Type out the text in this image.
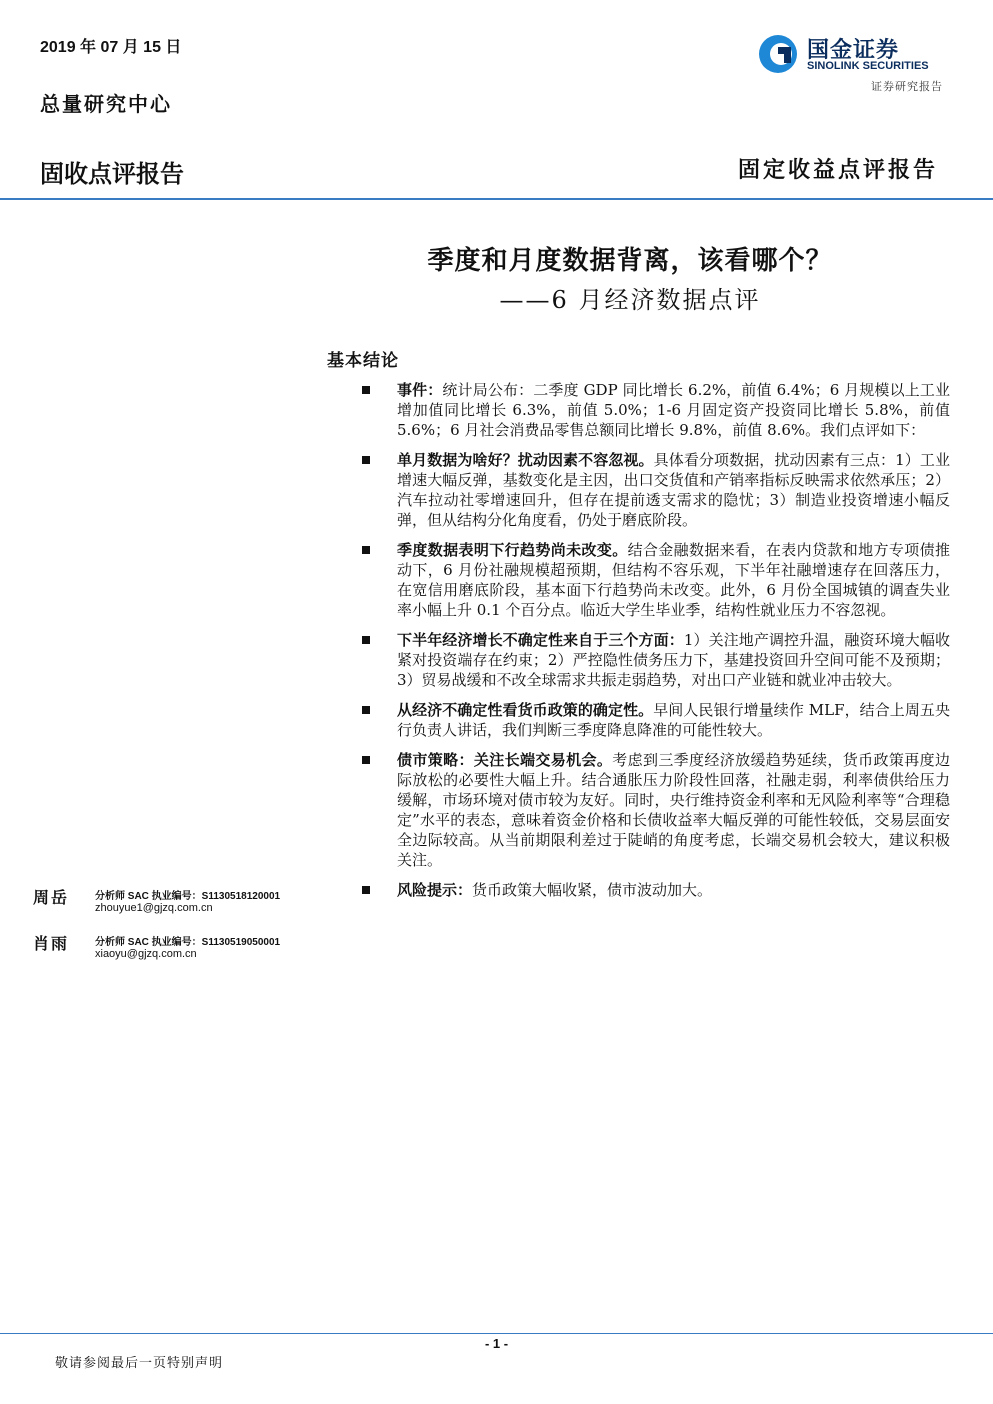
2019 年 07 月 15 日
总量研究中心
固收点评报告	固定收益点评报告
国金证券
SINOLINK SECURITIES
证券研究报告
季度和月度数据背离，该看哪个？
——6 月经济数据点评
基本结论
事件：统计局公布：二季度 GDP 同比增长 6.2%，前值 6.4%；6 月规模以上工业增加值同比增长 6.3%，前值 5.0%；1-6 月固定资产投资同比增长 5.8%，前值 5.6%；6 月社会消费品零售总额同比增长 9.8%，前值 8.6%。我们点评如下：
单月数据为啥好？扰动因素不容忽视。具体看分项数据，扰动因素有三点：1）工业增速大幅反弹，基数变化是主因，出口交货值和产销率指标反映需求依然承压；2）汽车拉动社零增速回升，但存在提前透支需求的隐忧；3）制造业投资增速小幅反弹，但从结构分化角度看，仍处于磨底阶段。
季度数据表明下行趋势尚未改变。结合金融数据来看，在表内贷款和地方专项债推动下，6 月份社融规模超预期，但结构不容乐观，下半年社融增速存在回落压力，在宽信用磨底阶段，基本面下行趋势尚未改变。此外，6 月份全国城镇的调查失业率小幅上升 0.1 个百分点。临近大学生毕业季，结构性就业压力不容忽视。
下半年经济增长不确定性来自于三个方面：1）关注地产调控升温，融资环境大幅收紧对投资端存在约束；2）严控隐性债务压力下，基建投资回升空间可能不及预期；3）贸易战缓和不改全球需求共振走弱趋势，对出口产业链和就业冲击较大。
从经济不确定性看货币政策的确定性。早间人民银行增量续作 MLF，结合上周五央行负责人讲话，我们判断三季度降息降准的可能性较大。
债市策略：关注长端交易机会。考虑到三季度经济放缓趋势延续，货币政策再度边际放松的必要性大幅上升。结合通胀压力阶段性回落，社融走弱，利率债供给压力缓解，市场环境对债市较为友好。同时，央行维持资金利率和无风险利率等“合理稳定”水平的表态，意味着资金价格和长债收益率大幅反弹的可能性较低，交易层面安全边际较高。从当前期限利差过于陡峭的角度考虑，长端交易机会较大，建议积极关注。
风险提示：货币政策大幅收紧，债市波动加大。
周岳	分析师 SAC 执业编号：S1130518120001
zhouyue1@gjzq.com.cn
肖雨	分析师 SAC 执业编号：S1130519050001
xiaoyu@gjzq.com.cn
- 1 -
敬请参阅最后一页特别声明
